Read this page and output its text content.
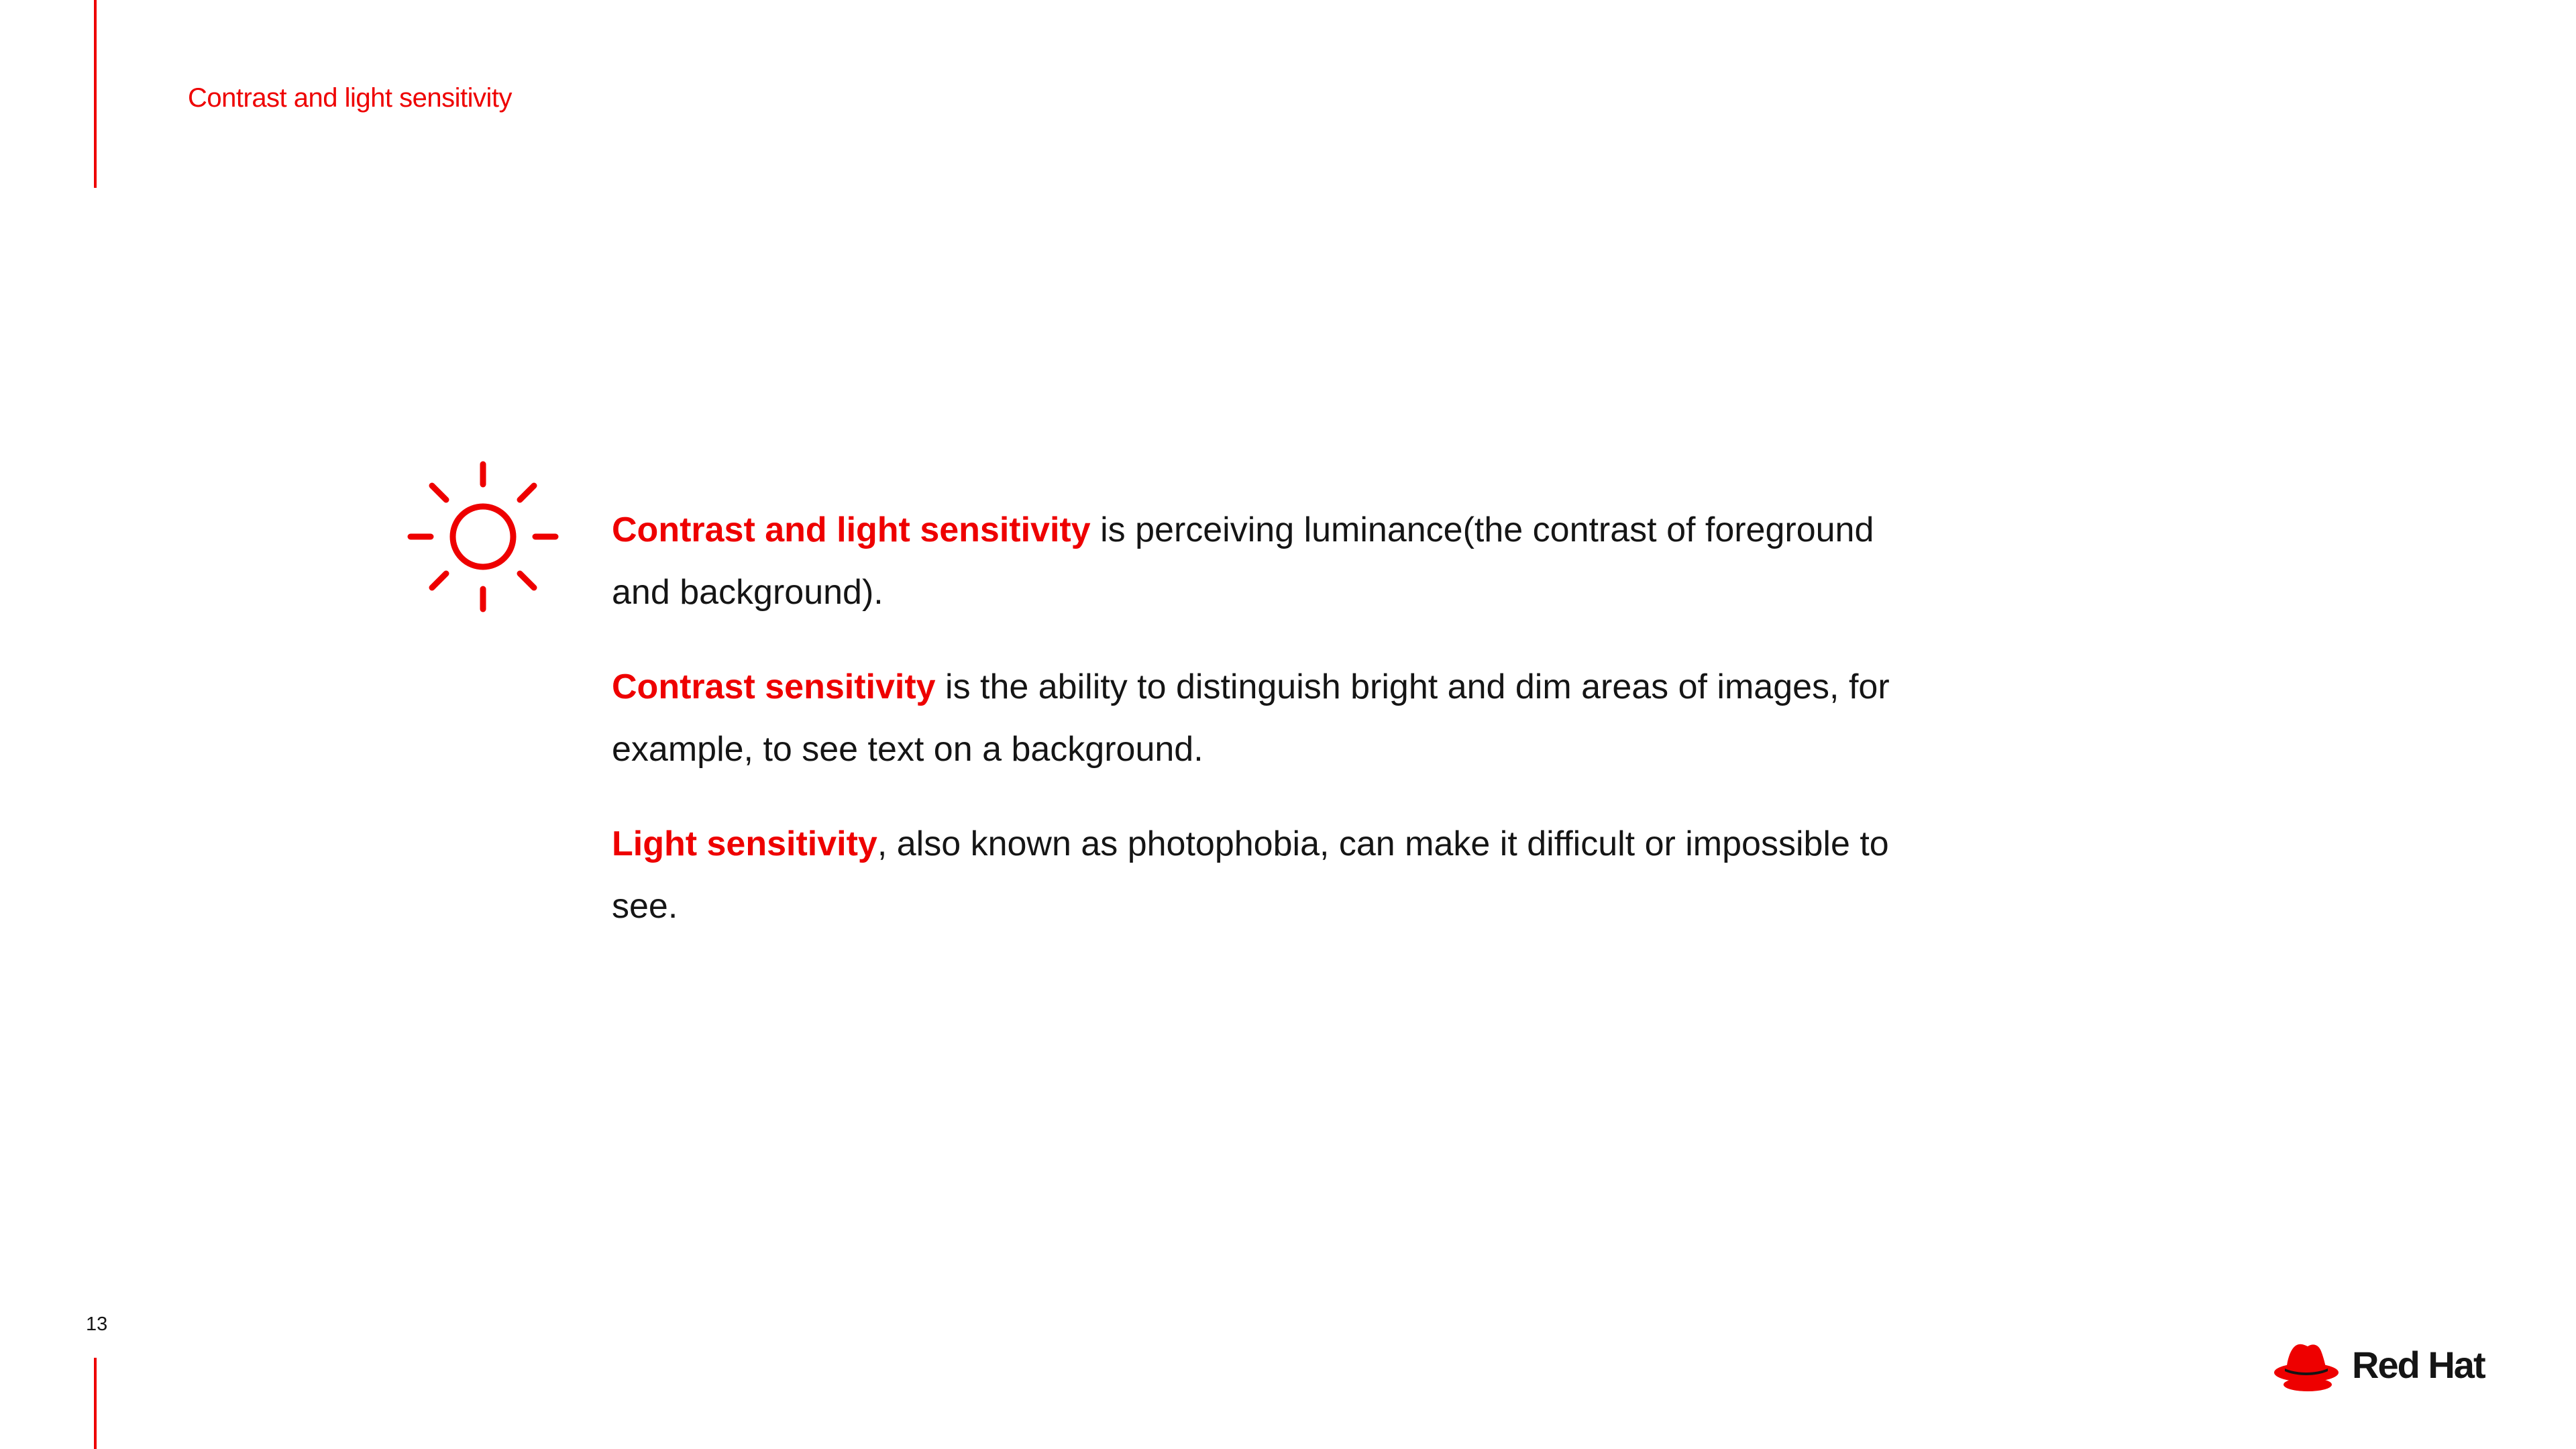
Contrast and light sensitivity

Contrast and light sensitivity is perceiving luminance(the contrast of foreground and background).

Contrast sensitivity is the ability to distinguish bright and dim areas of images, for example, to see text on a background.

Light sensitivity, also known as photophobia, can make it difficult or impossible to see.

13
Red Hat
